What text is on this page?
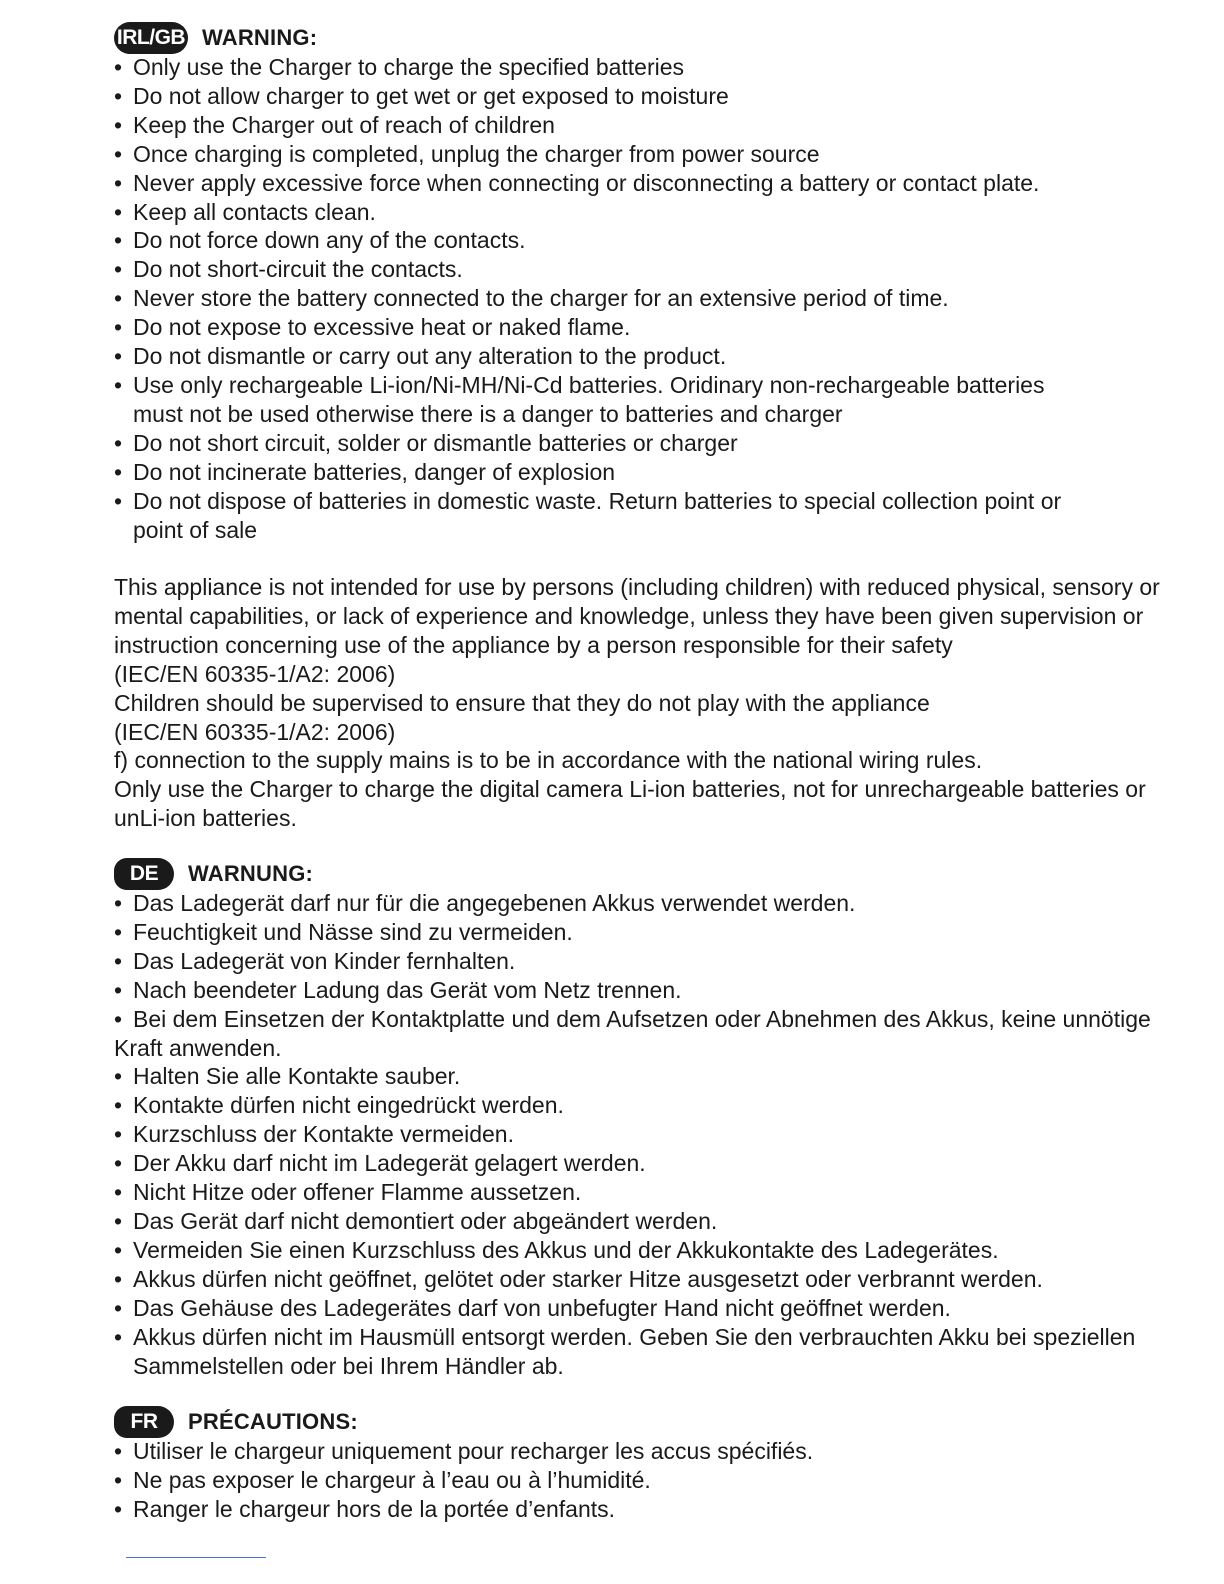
IRL/GB WARNING:
• Only use the Charger to charge the specified batteries
• Do not allow charger to get wet or get exposed to moisture
• Keep the Charger out of reach of children
• Once charging is completed, unplug the charger from power source
• Never apply excessive force when connecting or disconnecting a battery or contact plate.
• Keep all contacts clean.
• Do not force down any of the contacts.
• Do not short-circuit the contacts.
• Never store the battery connected to the charger for an extensive period of time.
• Do not expose to excessive heat or naked flame.
• Do not dismantle or carry out any alteration to the product.
• Use only rechargeable Li-ion/Ni-MH/Ni-Cd batteries. Oridinary non-rechargeable batteries
must not be used otherwise there is a danger to batteries and charger
• Do not short circuit, solder or dismantle batteries or charger
• Do not incinerate batteries, danger of explosion
• Do not dispose of batteries in domestic waste. Return batteries to special collection point or
point of sale

This appliance is not intended for use by persons (including children) with reduced physical, sensory or

mental capabilities, or lack of experience and knowledge, unless they have been given supervision or

instruction concerning use of the appliance by a person responsible for their safety

(IEC/EN 60335-1/A2: 2006)

Children should be supervised to ensure that they do not play with the appliance

(IEC/EN 60335-1/A2: 2006)

f) connection to the supply mains is to be in accordance with the national wiring rules.

Only use the Charger to charge the digital camera Li-ion batteries, not for unrechargeable batteries or

unLi-ion batteries.

DE	WARNUNG:
• Das Ladegerät darf nur für die angegebenen Akkus verwendet werden.
• Feuchtigkeit und Nässe sind zu vermeiden.
• Das Ladegerät von Kinder fernhalten.
• Nach beendeter Ladung das Gerät vom Netz trennen.
• Bei dem Einsetzen der Kontaktplatte und dem Aufsetzen oder Abnehmen des Akkus, keine unnötige
Kraft anwenden.
• Halten Sie alle Kontakte sauber.
• Kontakte dürfen nicht eingedrückt werden.
• Kurzschluss der Kontakte vermeiden.
• Der Akku darf nicht im Ladegerät gelagert werden.
• Nicht Hitze oder offener Flamme aussetzen.
• Das Gerät darf nicht demontiert oder abgeändert werden.
• Vermeiden Sie einen Kurzschluss des Akkus und der Akkukontakte des Ladegerätes.
• Akkus dürfen nicht geöffnet, gelötet oder starker Hitze ausgesetzt oder verbrannt werden.
• Das Gehäuse des Ladegerätes darf von unbefugter Hand nicht geöffnet werden.
• Akkus dürfen nicht im Hausmüll entsorgt werden. Geben Sie den verbrauchten Akku bei speziellen
Sammelstellen oder bei Ihrem Händler ab.
FR	PRÉCAUTIONS:
• Utiliser le chargeur uniquement pour recharger les accus spécifiés.
• Ne pas exposer le chargeur à l’eau ou à l’humidité.
• Ranger le chargeur hors de la portée d’enfants.
